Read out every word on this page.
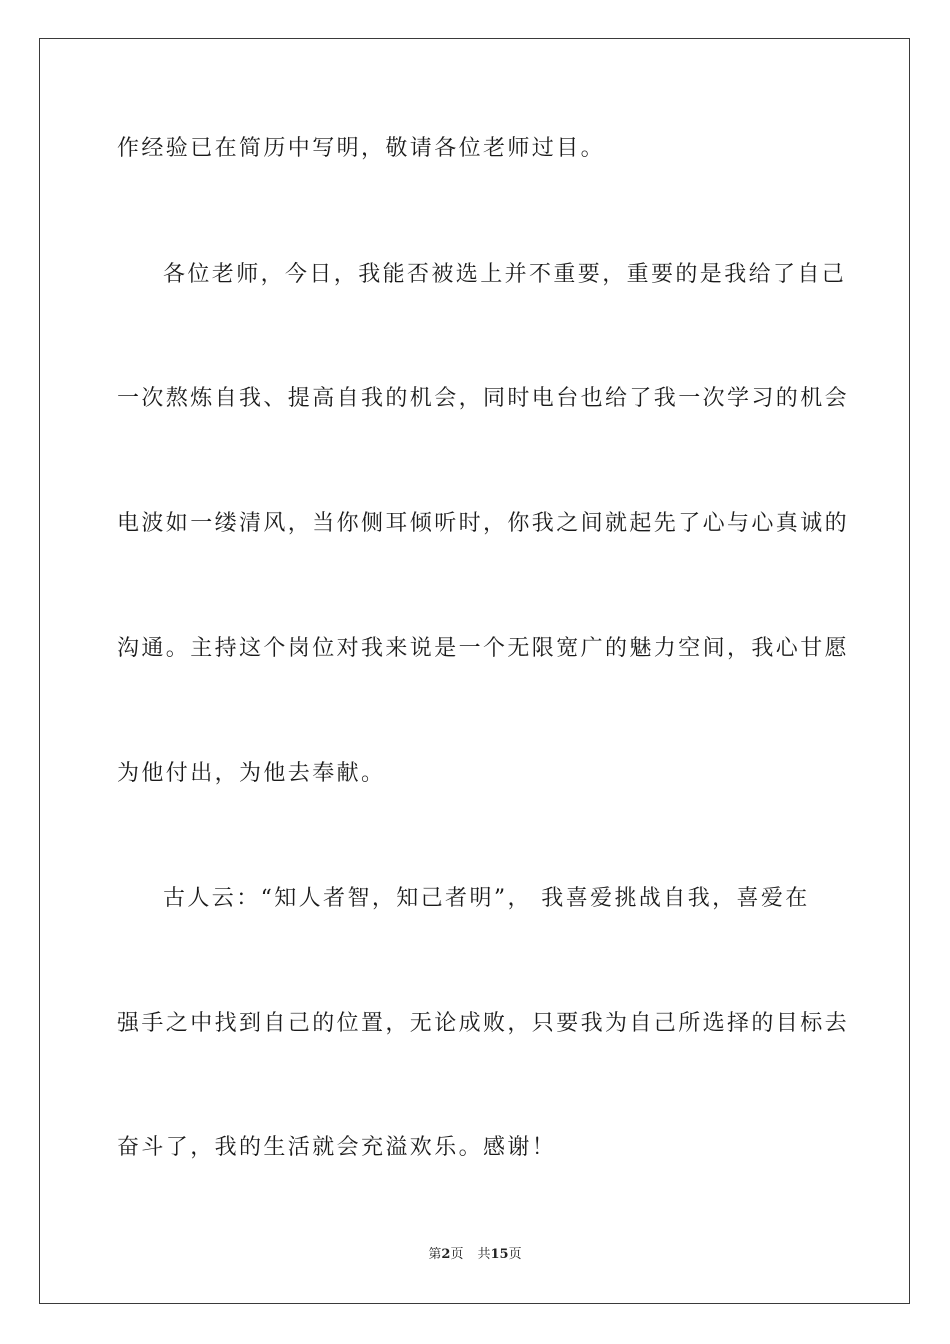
作经验已在简历中写明，敬请各位老师过目。
各位老师，今日，我能否被选上并不重要，重要的是我给了自己
一次熬炼自我、提高自我的机会，同时电台也给了我一次学习的机会
电波如一缕清风，当你侧耳倾听时，你我之间就起先了心与心真诚的
沟通。主持这个岗位对我来说是一个无限宽广的魅力空间，我心甘愿
为他付出，为他去奉献。
古人云：“知人者智，知己者明”， 我喜爱挑战自我，喜爱在
强手之中找到自己的位置，无论成败，只要我为自己所选择的目标去
奋斗了，我的生活就会充溢欢乐。感谢！
第2页 共15页
